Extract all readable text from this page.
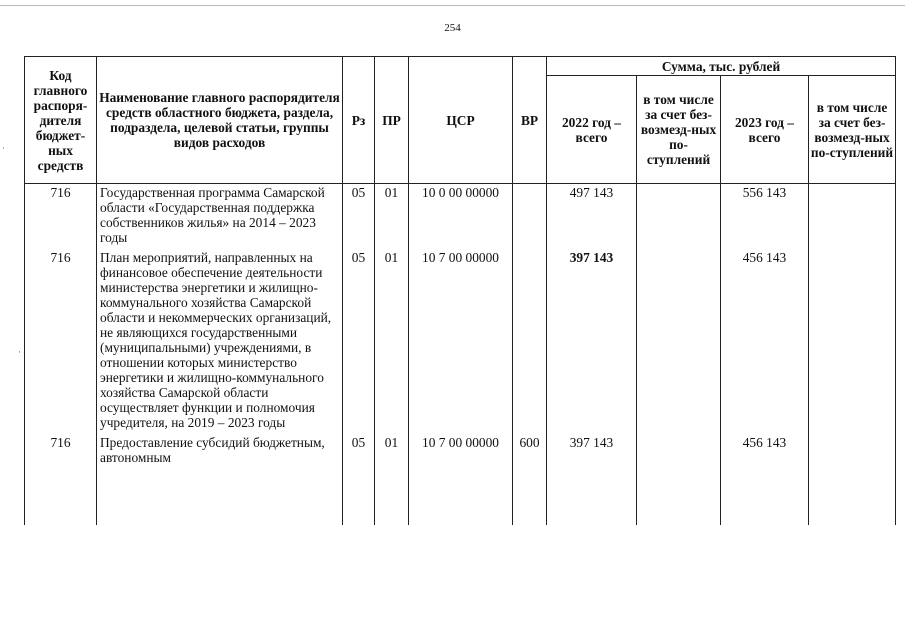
254
·
·
Код главного распоря-дителя бюджет-ных средств	Наименование главного распорядителя средств областного бюджета, раздела, подраздела, целевой статьи, группы видов расходов	Рз	ПР	ЦСР	ВР	Сумма, тыс. рублей			
						2022 год – всего	в том числе за счет без-возмезд-ных по-ступлений	2023 год – всего	в том числе за счет без-возмезд-ных по-ступлений
716	Государственная программа Самарской области «Государственная поддержка собственников жилья» на 2014 – 2023 годы	05	01	10 0 00 00000		497 143		556 143	
716	План мероприятий, направленных на финансовое обеспечение деятельности министерства энергетики и жилищно-коммунального хозяйства Самарской области и некоммерческих организаций, не являющихся государственными (муниципальными) учреждениями, в отношении которых министерство энергетики и жилищно-коммунального хозяйства Самарской области осуществляет функции и полномочия учредителя, на 2019 – 2023 годы	05	01	10 7 00 00000		397 143		456 143	
716	Предоставление субсидий бюджетным, автономным	05	01	10 7 00 00000	600	397 143		456 143	
